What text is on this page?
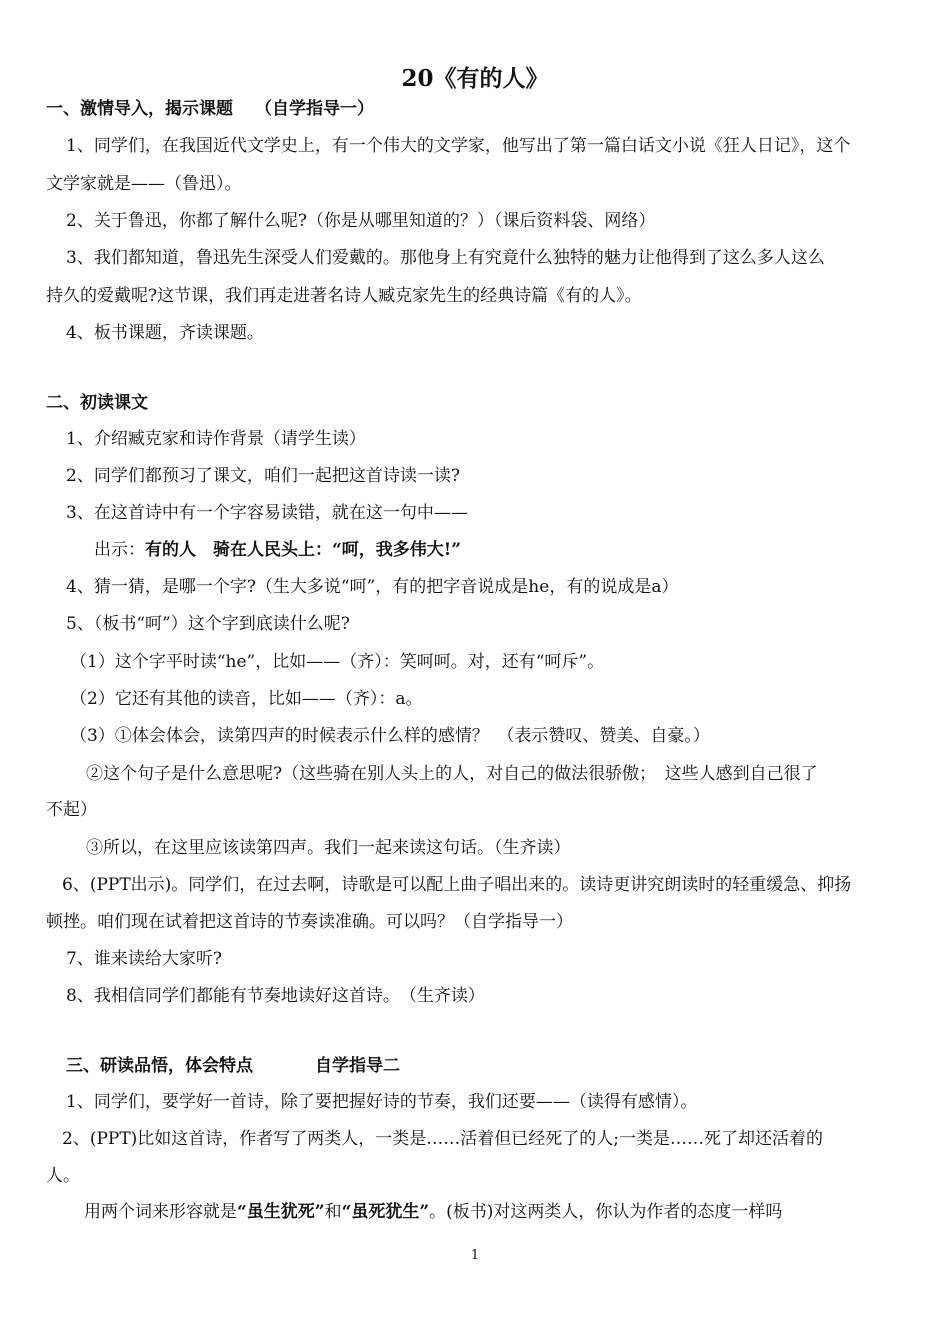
20《有的人》
一、激情导入，揭示课题 （自学指导一）
1、同学们，在我国近代文学史上，有一个伟大的文学家，他写出了第一篇白话文小说《狂人日记》，这个
文学家就是——（鲁迅）。
2、关于鲁迅，你都了解什么呢?（你是从哪里知道的？）（课后资料袋、网络）
3、我们都知道，鲁迅先生深受人们爱戴的。那他身上有究竟什么独特的魅力让他得到了这么多人这么
持久的爱戴呢?这节课，我们再走进著名诗人臧克家先生的经典诗篇《有的人》。
4、板书课题，齐读课题。
二、初读课文
1、介绍臧克家和诗作背景（请学生读）
2、同学们都预习了课文，咱们一起把这首诗读一读?
3、在这首诗中有一个字容易读错，就在这一句中——
出示：有的人　骑在人民头上：“呵，我多伟大!”
4、猜一猜，是哪一个字?（生大多说“呵”，有的把字音说成是he，有的说成是a）
5、（板书“呵”）这个字到底读什么呢?
（1）这个字平时读“he”，比如——（齐）：笑呵呵。对，还有“呵斥”。
（2）它还有其他的读音，比如——（齐）：a。
（3）①体会体会，读第四声的时候表示什么样的感情？　（表示赞叹、赞美、自豪。）
②这个句子是什么意思呢?（这些骑在别人头上的人，对自己的做法很骄傲；　这些人感到自己很了
不起）
③所以，在这里应该读第四声。我们一起来读这句话。（生齐读）
6、(PPT出示)。同学们，在过去啊，诗歌是可以配上曲子唱出来的。读诗更讲究朗读时的轻重缓急、抑扬
顿挫。咱们现在试着把这首诗的节奏读准确。可以吗？（自学指导一）
7、谁来读给大家听?
8、我相信同学们都能有节奏地读好这首诗。　（生齐读）
三、研读品悟，体会特点	自学指导二
1、同学们，要学好一首诗，除了要把握好诗的节奏，我们还要——（读得有感情）。
2、(PPT)比如这首诗，作者写了两类人，一类是……活着但已经死了的人;一类是……死了却还活着的
人。
用两个词来形容就是“虽生犹死”和“虽死犹生”。(板书)对这两类人，你认为作者的态度一样吗
1
